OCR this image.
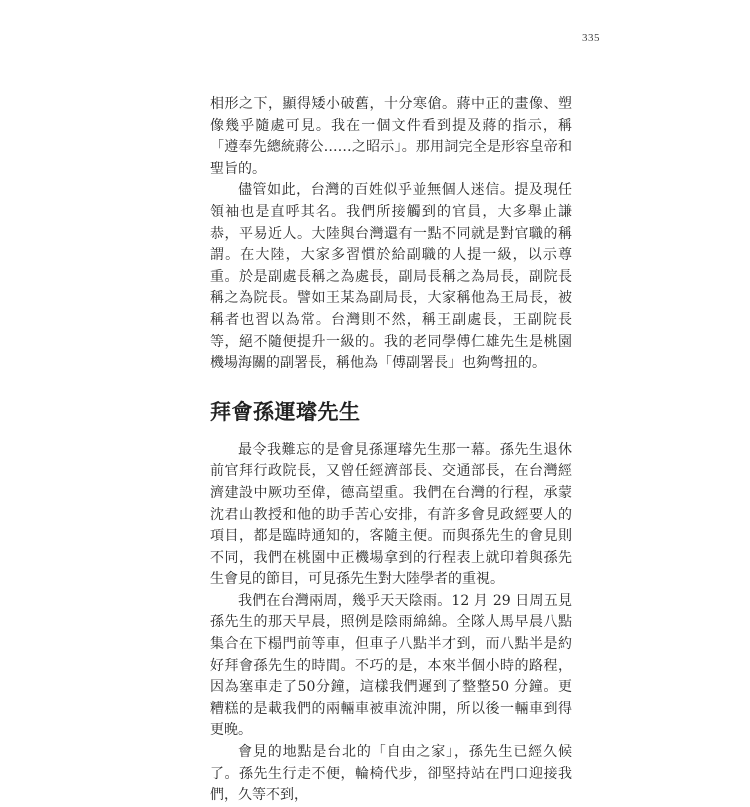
335

相形之下，顯得矮小破舊，十分寒傖。蔣中正的畫像、塑像幾乎隨處可見。我在一個文件看到提及蔣的指示，稱「遵奉先總統蔣公……之昭示」。那用詞完全是形容皇帝和聖旨的。

儘管如此，台灣的百姓似乎並無個人迷信。提及現任領袖也是直呼其名。我們所接觸到的官員，大多舉止謙恭，平易近人。大陸與台灣還有一點不同就是對官職的稱謂。在大陸，大家多習慣於給副職的人提一級，以示尊重。於是副處長稱之為處長，副局長稱之為局長，副院長稱之為院長。譬如王某為副局長，大家稱他為王局長，被稱者也習以為常。台灣則不然，稱王副處長，王副院長等，絕不隨便提升一級的。我的老同學傅仁雄先生是桃園機場海關的副署長，稱他為「傅副署長」也夠彆扭的。

拜會孫運璿先生

最令我難忘的是會見孫運璿先生那一幕。孫先生退休前官拜行政院長，又曾任經濟部長、交通部長，在台灣經濟建設中厥功至偉，德高望重。我們在台灣的行程，承蒙沈君山教授和他的助手苦心安排，有許多會見政經要人的項目，都是臨時通知的，客隨主便。而與孫先生的會見則不同，我們在桃園中正機場拿到的行程表上就印着與孫先生會見的節目，可見孫先生對大陸學者的重視。

我們在台灣兩周，幾乎天天陰雨。12 月 29 日周五見孫先生的那天早晨，照例是陰雨綿綿。全隊人馬早晨八點集合在下榻門前等車，但車子八點半才到，而八點半是約好拜會孫先生的時間。不巧的是，本來半個小時的路程，因為塞車走了50分鐘，這樣我們遲到了整整50 分鐘。更糟糕的是載我們的兩輛車被車流沖開，所以後一輛車到得更晚。

會見的地點是台北的「自由之家」，孫先生已經久候了。孫先生行走不便，輪椅代步，卻堅持站在門口迎接我們，久等不到，
